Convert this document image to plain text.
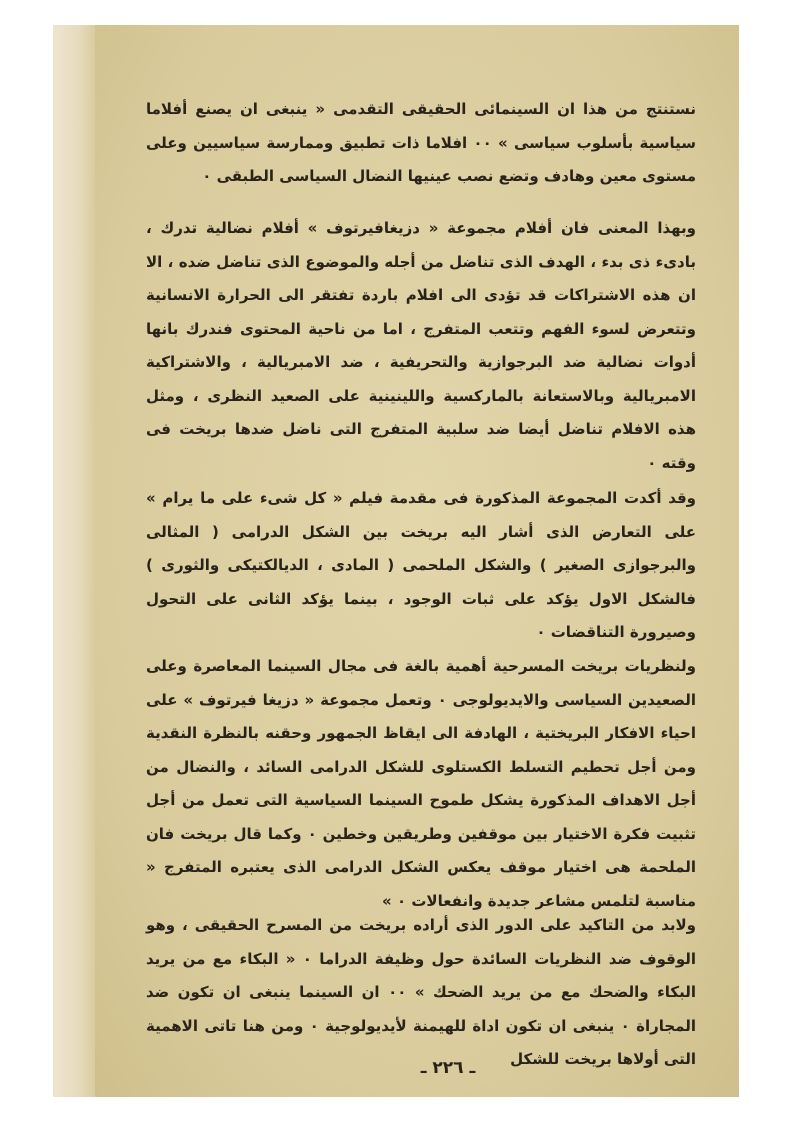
نستنتج من هذا ان السينمائى الحقيقى التقدمى « ينبغى ان يصنع أفلاما سياسية بأسلوب سياسى » ٠٠ افلاما ذات تطبيق وممارسة سياسيين وعلى مستوى معين وهادف وتضع نصب عينيها النضال السياسى الطبقى ٠

وبهذا المعنى فان أفلام مجموعة « دزيغافيرتوف » أفلام نضالية تدرك ، بادىء ذى بدء ، الهدف الذى تناضل من أجله والموضوع الذى تناضل ضده ، الا ان هذه الاشتراكات قد تؤدى الى افلام باردة تفتقر الى الحرارة الانسانية وتتعرض لسوء الفهم وتتعب المتفرج ، اما من ناحية المحتوى فندرك بانها أدوات نضالية ضد البرجوازية والتحريفية ، ضد الامبريالية ، والاشتراكية الامبريالية وبالاستعانة بالماركسية واللينينية على الصعيد النظرى ، ومثل هذه الافلام تناضل أيضا ضد سلبية المتفرج التى ناضل ضدها بريخت فى وقته ٠

وقد أكدت المجموعة المذكورة فى مقدمة فيلم « كل شىء على ما يرام » على التعارض الذى أشار اليه بريخت بين الشكل الدرامى ( المثالى والبرجوازى الصغير ) والشكل الملحمى ( المادى ، الديالكتيكى والثورى ) فالشكل الاول يؤكد على ثبات الوجود ، بينما يؤكد الثانى على التحول وصيرورة التناقضات ٠

ولنظريات بريخت المسرحية أهمية بالغة فى مجال السينما المعاصرة وعلى الصعيدين السياسى والايديولوجى ٠ وتعمل مجموعة « دزيغا فيرتوف » على احياء الافكار البريختية ، الهادفة الى ايقاظ الجمهور وحقنه بالنظرة النقدية ومن أجل تحطيم التسلط الكستلوى للشكل الدرامى السائد ، والنضال من أجل الاهداف المذكورة يشكل طموح السينما السياسية التى تعمل من أجل تثبيت فكرة الاختيار بين موقفين وطريقين وخطين ٠ وكما قال بريخت فان الملحمة هى اختيار موقف يعكس الشكل الدرامى الذى يعتبره المتفرج « مناسبة لتلمس مشاعر جديدة وانفعالات ٠ »

ولابد من التاكيد على الدور الذى أراده بريخت من المسرح الحقيقى ، وهو الوقوف ضد النظريات السائدة حول وظيفة الدراما ٠ « البكاء مع من يريد البكاء والضحك مع من يريد الضحك » ٠٠ ان السينما ينبغى ان تكون ضد المجاراة ٠ ينبغى ان تكون اداة للهيمنة لأيديولوجية ٠ ومن هنا تاتى الاهمية التى أولاها بريخت للشكل

ـ ٢٢٦ ـ
